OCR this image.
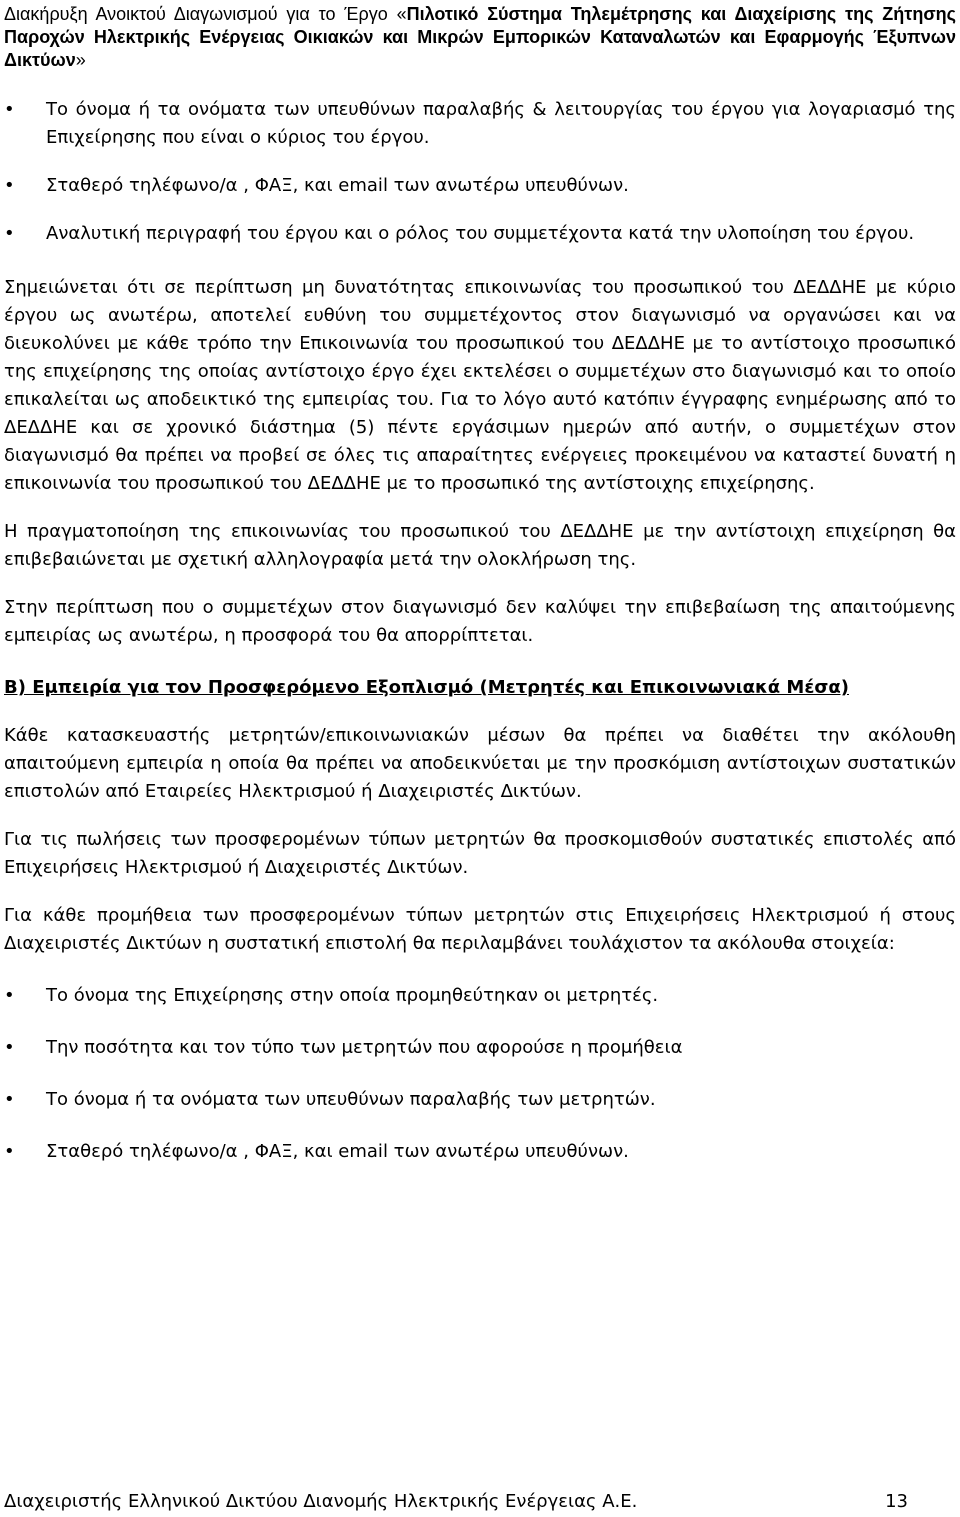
Διακήρυξη Ανοικτού Διαγωνισμού για το Έργο «Πιλοτικό Σύστημα Τηλεμέτρησης και Διαχείρισης της Ζήτησης Παροχών Ηλεκτρικής Ενέργειας Οικιακών και Μικρών Εμπορικών Καταναλωτών και Εφαρμογής Έξυπνων Δικτύων»
• Το όνομα ή τα ονόματα των υπευθύνων παραλαβής & λειτουργίας του έργου για λογαριασμό της Επιχείρησης που είναι ο κύριος του έργου.
• Σταθερό τηλέφωνο/α , ΦΑΞ, και email των ανωτέρω υπευθύνων.
• Αναλυτική περιγραφή του έργου και ο ρόλος του συμμετέχοντα κατά την υλοποίηση του έργου.

Σημειώνεται ότι σε περίπτωση μη δυνατότητας επικοινωνίας του προσωπικού του ΔΕΔΔΗΕ με κύριο έργου ως ανωτέρω, αποτελεί ευθύνη του συμμετέχοντος στον διαγωνισμό να οργανώσει και να διευκολύνει με κάθε τρόπο την Επικοινωνία του προσωπικού του ΔΕΔΔΗΕ με το αντίστοιχο προσωπικό της επιχείρησης της οποίας αντίστοιχο έργο έχει εκτελέσει ο συμμετέχων στο διαγωνισμό και το οποίο επικαλείται ως αποδεικτικό της εμπειρίας του. Για το λόγο αυτό κατόπιν έγγραφης ενημέρωσης από το ΔΕΔΔΗΕ και σε χρονικό διάστημα (5) πέντε εργάσιμων ημερών από αυτήν, ο συμμετέχων στον διαγωνισμό θα πρέπει να προβεί σε όλες τις απαραίτητες ενέργειες προκειμένου να καταστεί δυνατή η επικοινωνία του προσωπικού του ΔΕΔΔΗΕ με το προσωπικό της αντίστοιχης επιχείρησης.

Η πραγματοποίηση της επικοινωνίας του προσωπικού του ΔΕΔΔΗΕ με την αντίστοιχη επιχείρηση θα επιβεβαιώνεται με σχετική αλληλογραφία μετά την ολοκλήρωση της.

Στην περίπτωση που ο συμμετέχων στον διαγωνισμό δεν καλύψει την επιβεβαίωση της απαιτούμενης εμπειρίας ως ανωτέρω, η προσφορά του θα απορρίπτεται.

Β) Εμπειρία για τον Προσφερόμενο Εξοπλισμό (Μετρητές και Επικοινωνιακά Μέσα)

Κάθε κατασκευαστής μετρητών/επικοινωνιακών μέσων θα πρέπει να διαθέτει την ακόλουθη απαιτούμενη εμπειρία η οποία θα πρέπει να αποδεικνύεται με την προσκόμιση αντίστοιχων συστατικών επιστολών από Εταιρείες Ηλεκτρισμού ή Διαχειριστές Δικτύων.

Για τις πωλήσεις των προσφερομένων τύπων μετρητών θα προσκομισθούν συστατικές επιστολές από Επιχειρήσεις Ηλεκτρισμού ή Διαχειριστές Δικτύων.

Για κάθε προμήθεια των προσφερομένων τύπων μετρητών στις Επιχειρήσεις Ηλεκτρισμού ή στους Διαχειριστές Δικτύων η συστατική επιστολή θα περιλαμβάνει τουλάχιστον τα ακόλουθα στοιχεία:

• Το όνομα της Επιχείρησης στην οποία προμηθεύτηκαν οι μετρητές.
• Την ποσότητα και τον τύπο των μετρητών που αφορούσε η προμήθεια
• Το όνομα ή τα ονόματα των υπευθύνων παραλαβής των μετρητών.
• Σταθερό τηλέφωνο/α , ΦΑΞ, και email των ανωτέρω υπευθύνων.
Διαχειριστής Ελληνικού Δικτύου Διανομής Ηλεκτρικής Ενέργειας Α.Ε.	13
